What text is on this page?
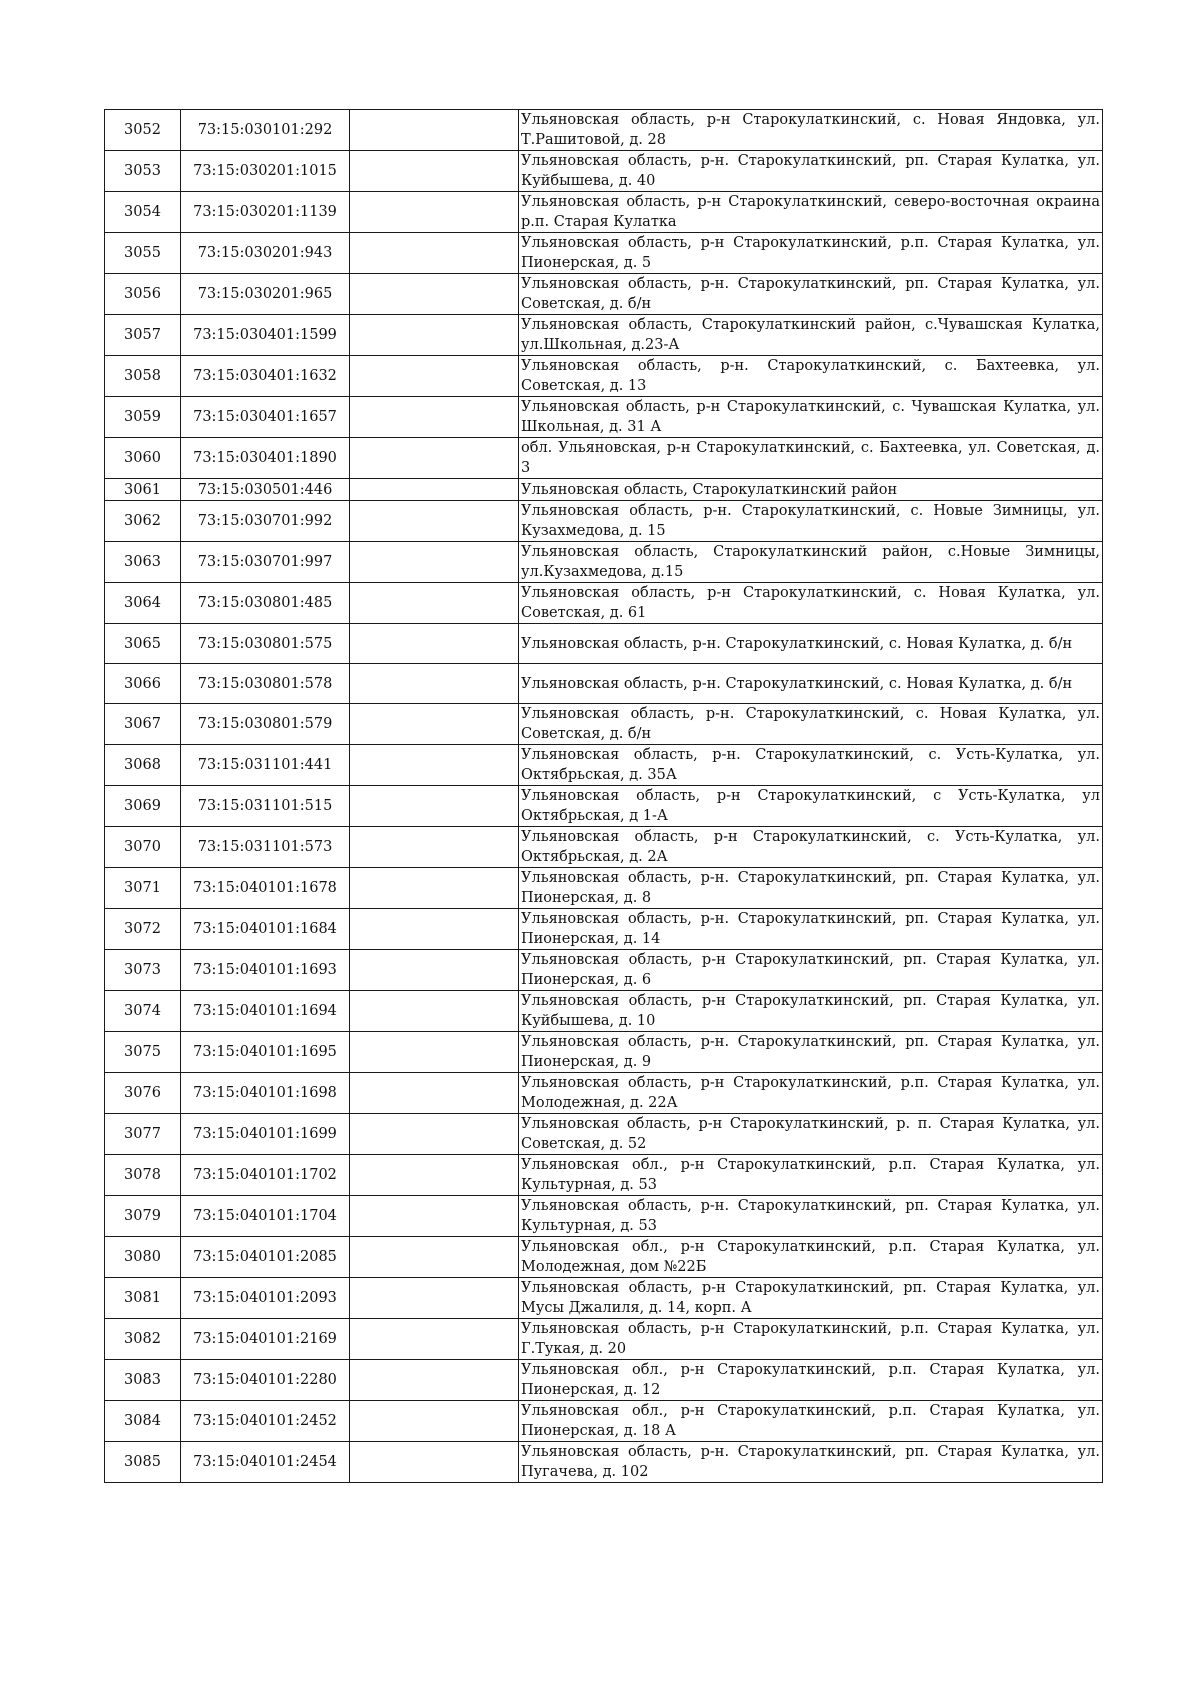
3052	73:15:030101:292		Ульяновская область, р-н Старокулаткинский, с. Новая Яндовка, ул. Т.Рашитовой, д. 28
3053	73:15:030201:1015		Ульяновская область, р-н. Старокулаткинский, рп. Старая Кулатка, ул. Куйбышева, д. 40
3054	73:15:030201:1139		Ульяновская область, р-н Старокулаткинский, северо-восточная окраина р.п. Старая Кулатка
3055	73:15:030201:943		Ульяновская область, р-н Старокулаткинский, р.п. Старая Кулатка, ул. Пионерская, д. 5
3056	73:15:030201:965		Ульяновская область, р-н. Старокулаткинский, рп. Старая Кулатка, ул. Советская, д. б/н
3057	73:15:030401:1599		Ульяновская область, Старокулаткинский район, с.Чувашская Кулатка, ул.Школьная, д.23-А
3058	73:15:030401:1632		Ульяновская область, р-н. Старокулаткинский, с. Бахтеевка, ул. Советская, д. 13
3059	73:15:030401:1657		Ульяновская область, р-н Старокулаткинский, с. Чувашская Кулатка, ул. Школьная, д. 31 А
3060	73:15:030401:1890		обл. Ульяновская, р-н Старокулаткинский, с. Бахтеевка, ул. Советская, д. 3
3061	73:15:030501:446		Ульяновская область, Старокулаткинский район
3062	73:15:030701:992		Ульяновская область, р-н. Старокулаткинский, с. Новые Зимницы, ул. Кузахмедова, д. 15
3063	73:15:030701:997		Ульяновская область, Старокулаткинский район, с.Новые Зимницы, ул.Кузахмедова, д.15
3064	73:15:030801:485		Ульяновская область, р-н Старокулаткинский, с. Новая Кулатка, ул. Советская, д. 61
3065	73:15:030801:575		Ульяновская область, р-н. Старокулаткинский, с. Новая Кулатка, д. б/н
3066	73:15:030801:578		Ульяновская область, р-н. Старокулаткинский, с. Новая Кулатка, д. б/н
3067	73:15:030801:579		Ульяновская область, р-н. Старокулаткинский, с. Новая Кулатка, ул. Советская, д. б/н
3068	73:15:031101:441		Ульяновская область, р-н. Старокулаткинский, с. Усть-Кулатка, ул. Октябрьская, д. 35А
3069	73:15:031101:515		Ульяновская область, р-н Старокулаткинский, с Усть-Кулатка, ул Октябрьская, д 1-А
3070	73:15:031101:573		Ульяновская область, р-н Старокулаткинский, с. Усть-Кулатка, ул. Октябрьская, д. 2А
3071	73:15:040101:1678		Ульяновская область, р-н. Старокулаткинский, рп. Старая Кулатка, ул. Пионерская, д. 8
3072	73:15:040101:1684		Ульяновская область, р-н. Старокулаткинский, рп. Старая Кулатка, ул. Пионерская, д. 14
3073	73:15:040101:1693		Ульяновская область, р-н Старокулаткинский, рп. Старая Кулатка, ул. Пионерская, д. 6
3074	73:15:040101:1694		Ульяновская область, р-н Старокулаткинский, рп. Старая Кулатка, ул. Куйбышева, д. 10
3075	73:15:040101:1695		Ульяновская область, р-н. Старокулаткинский, рп. Старая Кулатка, ул. Пионерская, д. 9
3076	73:15:040101:1698		Ульяновская область, р-н Старокулаткинский, р.п. Старая Кулатка, ул. Молодежная, д. 22А
3077	73:15:040101:1699		Ульяновская область, р-н Старокулаткинский, р. п. Старая Кулатка, ул. Советская, д. 52
3078	73:15:040101:1702		Ульяновская обл., р-н Старокулаткинский, р.п. Старая Кулатка, ул. Культурная, д. 53
3079	73:15:040101:1704		Ульяновская область, р-н. Старокулаткинский, рп. Старая Кулатка, ул. Культурная, д. 53
3080	73:15:040101:2085		Ульяновская обл., р-н Старокулаткинский, р.п. Старая Кулатка, ул. Молодежная, дом №22Б
3081	73:15:040101:2093		Ульяновская область, р-н Старокулаткинский, рп. Старая Кулатка, ул. Мусы Джалиля, д. 14, корп. А
3082	73:15:040101:2169		Ульяновская область, р-н Старокулаткинский, р.п. Старая Кулатка, ул. Г.Тукая, д. 20
3083	73:15:040101:2280		Ульяновская обл., р-н Старокулаткинский, р.п. Старая Кулатка, ул. Пионерская, д. 12
3084	73:15:040101:2452		Ульяновская обл., р-н Старокулаткинский, р.п. Старая Кулатка, ул. Пионерская, д. 18 А
3085	73:15:040101:2454		Ульяновская область, р-н. Старокулаткинский, рп. Старая Кулатка, ул. Пугачева, д. 102
